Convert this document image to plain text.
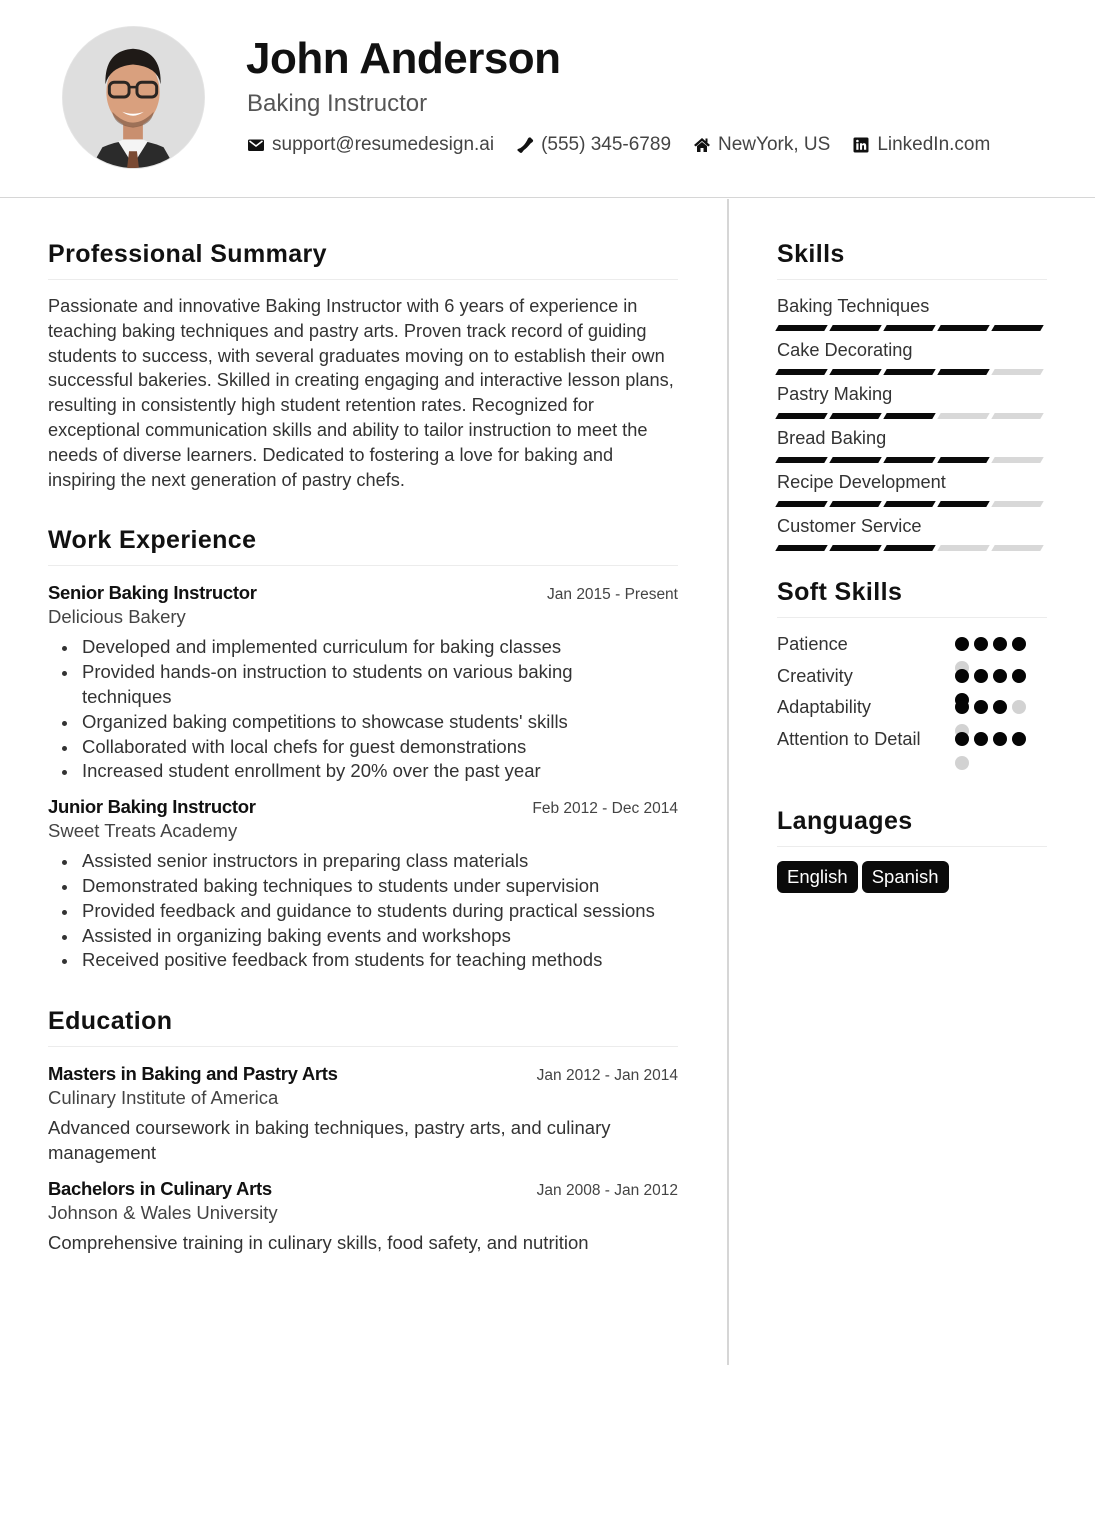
John Anderson
Baking Instructor
support@resumedesign.ai (555) 345-6789 NewYork, US LinkedIn.com
Professional Summary

Passionate and innovative Baking Instructor with 6 years of experience in teaching baking techniques and pastry arts. Proven track record of guiding students to success, with several graduates moving on to establish their own successful bakeries. Skilled in creating engaging and interactive lesson plans, resulting in consistently high student retention rates. Recognized for exceptional communication skills and ability to tailor instruction to meet the needs of diverse learners. Dedicated to fostering a love for baking and inspiring the next generation of pastry chefs.

Work Experience
Senior Baking Instructor	Jan 2015 - Present
Delicious Bakery
Developed and implemented curriculum for baking classes
Provided hands-on instruction to students on various baking techniques
Organized baking competitions to showcase students' skills
Collaborated with local chefs for guest demonstrations
Increased student enrollment by 20% over the past year
Junior Baking Instructor	Feb 2012 - Dec 2014
Sweet Treats Academy
Assisted senior instructors in preparing class materials
Demonstrated baking techniques to students under supervision
Provided feedback and guidance to students during practical sessions
Assisted in organizing baking events and workshops
Received positive feedback from students for teaching methods
Education
Masters in Baking and Pastry Arts	Jan 2012 - Jan 2014
Culinary Institute of America

Advanced coursework in baking techniques, pastry arts, and culinary management

Bachelors in Culinary Arts	Jan 2008 - Jan 2012
Johnson & Wales University

Comprehensive training in culinary skills, food safety, and nutrition

Skills
Baking Techniques
Cake Decorating
Pastry Making
Bread Baking
Recipe Development
Customer Service
Soft Skills
Patience
Creativity
Adaptability
Attention to Detail
Languages
English	Spanish
